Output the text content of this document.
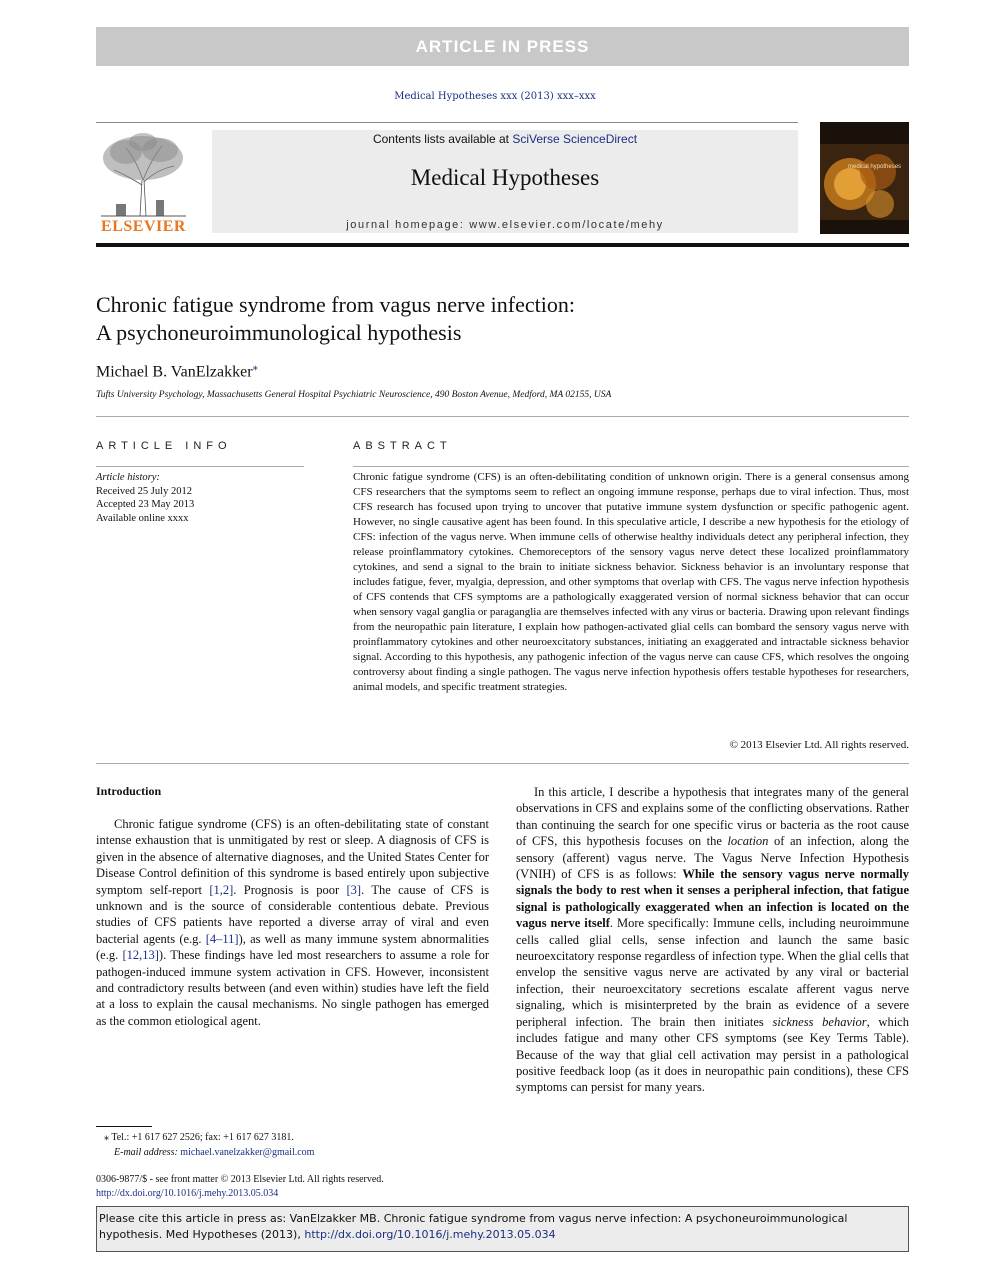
ARTICLE IN PRESS
Medical Hypotheses xxx (2013) xxx–xxx
ELSEVIER
Contents lists available at SciVerse ScienceDirect
Medical Hypotheses
journal homepage: www.elsevier.com/locate/mehy
medical hypotheses
Chronic fatigue syndrome from vagus nerve infection:
A psychoneuroimmunological hypothesis
Michael B. VanElzakker⁎
Tufts University Psychology, Massachusetts General Hospital Psychiatric Neuroscience, 490 Boston Avenue, Medford, MA 02155, USA
ARTICLE INFO
Article history:
Received 25 July 2012
Accepted 23 May 2013
Available online xxxx
ABSTRACT
Chronic fatigue syndrome (CFS) is an often-debilitating condition of unknown origin. There is a general consensus among CFS researchers that the symptoms seem to reflect an ongoing immune response, perhaps due to viral infection. Thus, most CFS research has focused upon trying to uncover that putative immune system dysfunction or specific pathogenic agent. However, no single causative agent has been found. In this speculative article, I describe a new hypothesis for the etiology of CFS: infection of the vagus nerve. When immune cells of otherwise healthy individuals detect any peripheral infection, they release proinflammatory cytokines. Chemoreceptors of the sensory vagus nerve detect these localized proinflammatory cytokines, and send a signal to the brain to initiate sickness behavior. Sickness behavior is an involuntary response that includes fatigue, fever, myalgia, depression, and other symptoms that overlap with CFS. The vagus nerve infection hypothesis of CFS contends that CFS symptoms are a pathologically exaggerated version of normal sickness behavior that can occur when sensory vagal ganglia or paraganglia are themselves infected with any virus or bacteria. Drawing upon relevant findings from the neuropathic pain literature, I explain how pathogen-activated glial cells can bombard the sensory vagus nerve with proinflammatory cytokines and other neuroexcitatory substances, initiating an exaggerated and intractable sickness behavior signal. According to this hypothesis, any pathogenic infection of the vagus nerve can cause CFS, which resolves the ongoing controversy about finding a single pathogen. The vagus nerve infection hypothesis offers testable hypotheses for researchers, animal models, and specific treatment strategies.
© 2013 Elsevier Ltd. All rights reserved.
Introduction
Chronic fatigue syndrome (CFS) is an often-debilitating state of constant intense exhaustion that is unmitigated by rest or sleep. A diagnosis of CFS is given in the absence of alternative diagnoses, and the United States Center for Disease Control definition of this syndrome is based entirely upon subjective symptom self-report [1,2]. Prognosis is poor [3]. The cause of CFS is unknown and is the source of considerable contentious debate. Previous studies of CFS patients have reported a diverse array of viral and even bacterial agents (e.g. [4–11]), as well as many immune system abnormalities (e.g. [12,13]). These findings have led most researchers to assume a role for pathogen-induced immune system activation in CFS. However, inconsistent and contradictory results between (and even within) studies have left the field at a loss to explain the causal mechanisms. No single pathogen has emerged as the common etiological agent.
In this article, I describe a hypothesis that integrates many of the general observations in CFS and explains some of the conflicting observations. Rather than continuing the search for one specific virus or bacteria as the root cause of CFS, this hypothesis focuses on the location of an infection, along the sensory (afferent) vagus nerve. The Vagus Nerve Infection Hypothesis (VNIH) of CFS is as follows: While the sensory vagus nerve normally signals the body to rest when it senses a peripheral infection, that fatigue signal is pathologically exaggerated when an infection is located on the vagus nerve itself. More specifically: Immune cells, including neuroimmune cells called glial cells, sense infection and launch the same basic neuroexcitatory response regardless of infection type. When the glial cells that envelop the sensitive vagus nerve are activated by any viral or bacterial infection, their neuroexcitatory secretions escalate afferent vagus nerve signaling, which is misinterpreted by the brain as evidence of a severe peripheral infection. The brain then initiates sickness behavior, which includes fatigue and many other CFS symptoms (see Key Terms Table). Because of the way that glial cell activation may persist in a pathological positive feedback loop (as it does in neuropathic pain conditions), these CFS symptoms can persist for many years.
⁎ Tel.: +1 617 627 2526; fax: +1 617 627 3181.
E-mail address: michael.vanelzakker@gmail.com
0306-9877/$ - see front matter © 2013 Elsevier Ltd. All rights reserved.
http://dx.doi.org/10.1016/j.mehy.2013.05.034
Please cite this article in press as: VanElzakker MB. Chronic fatigue syndrome from vagus nerve infection: A psychoneuroimmunological hypothesis. Med Hypotheses (2013), http://dx.doi.org/10.1016/j.mehy.2013.05.034
